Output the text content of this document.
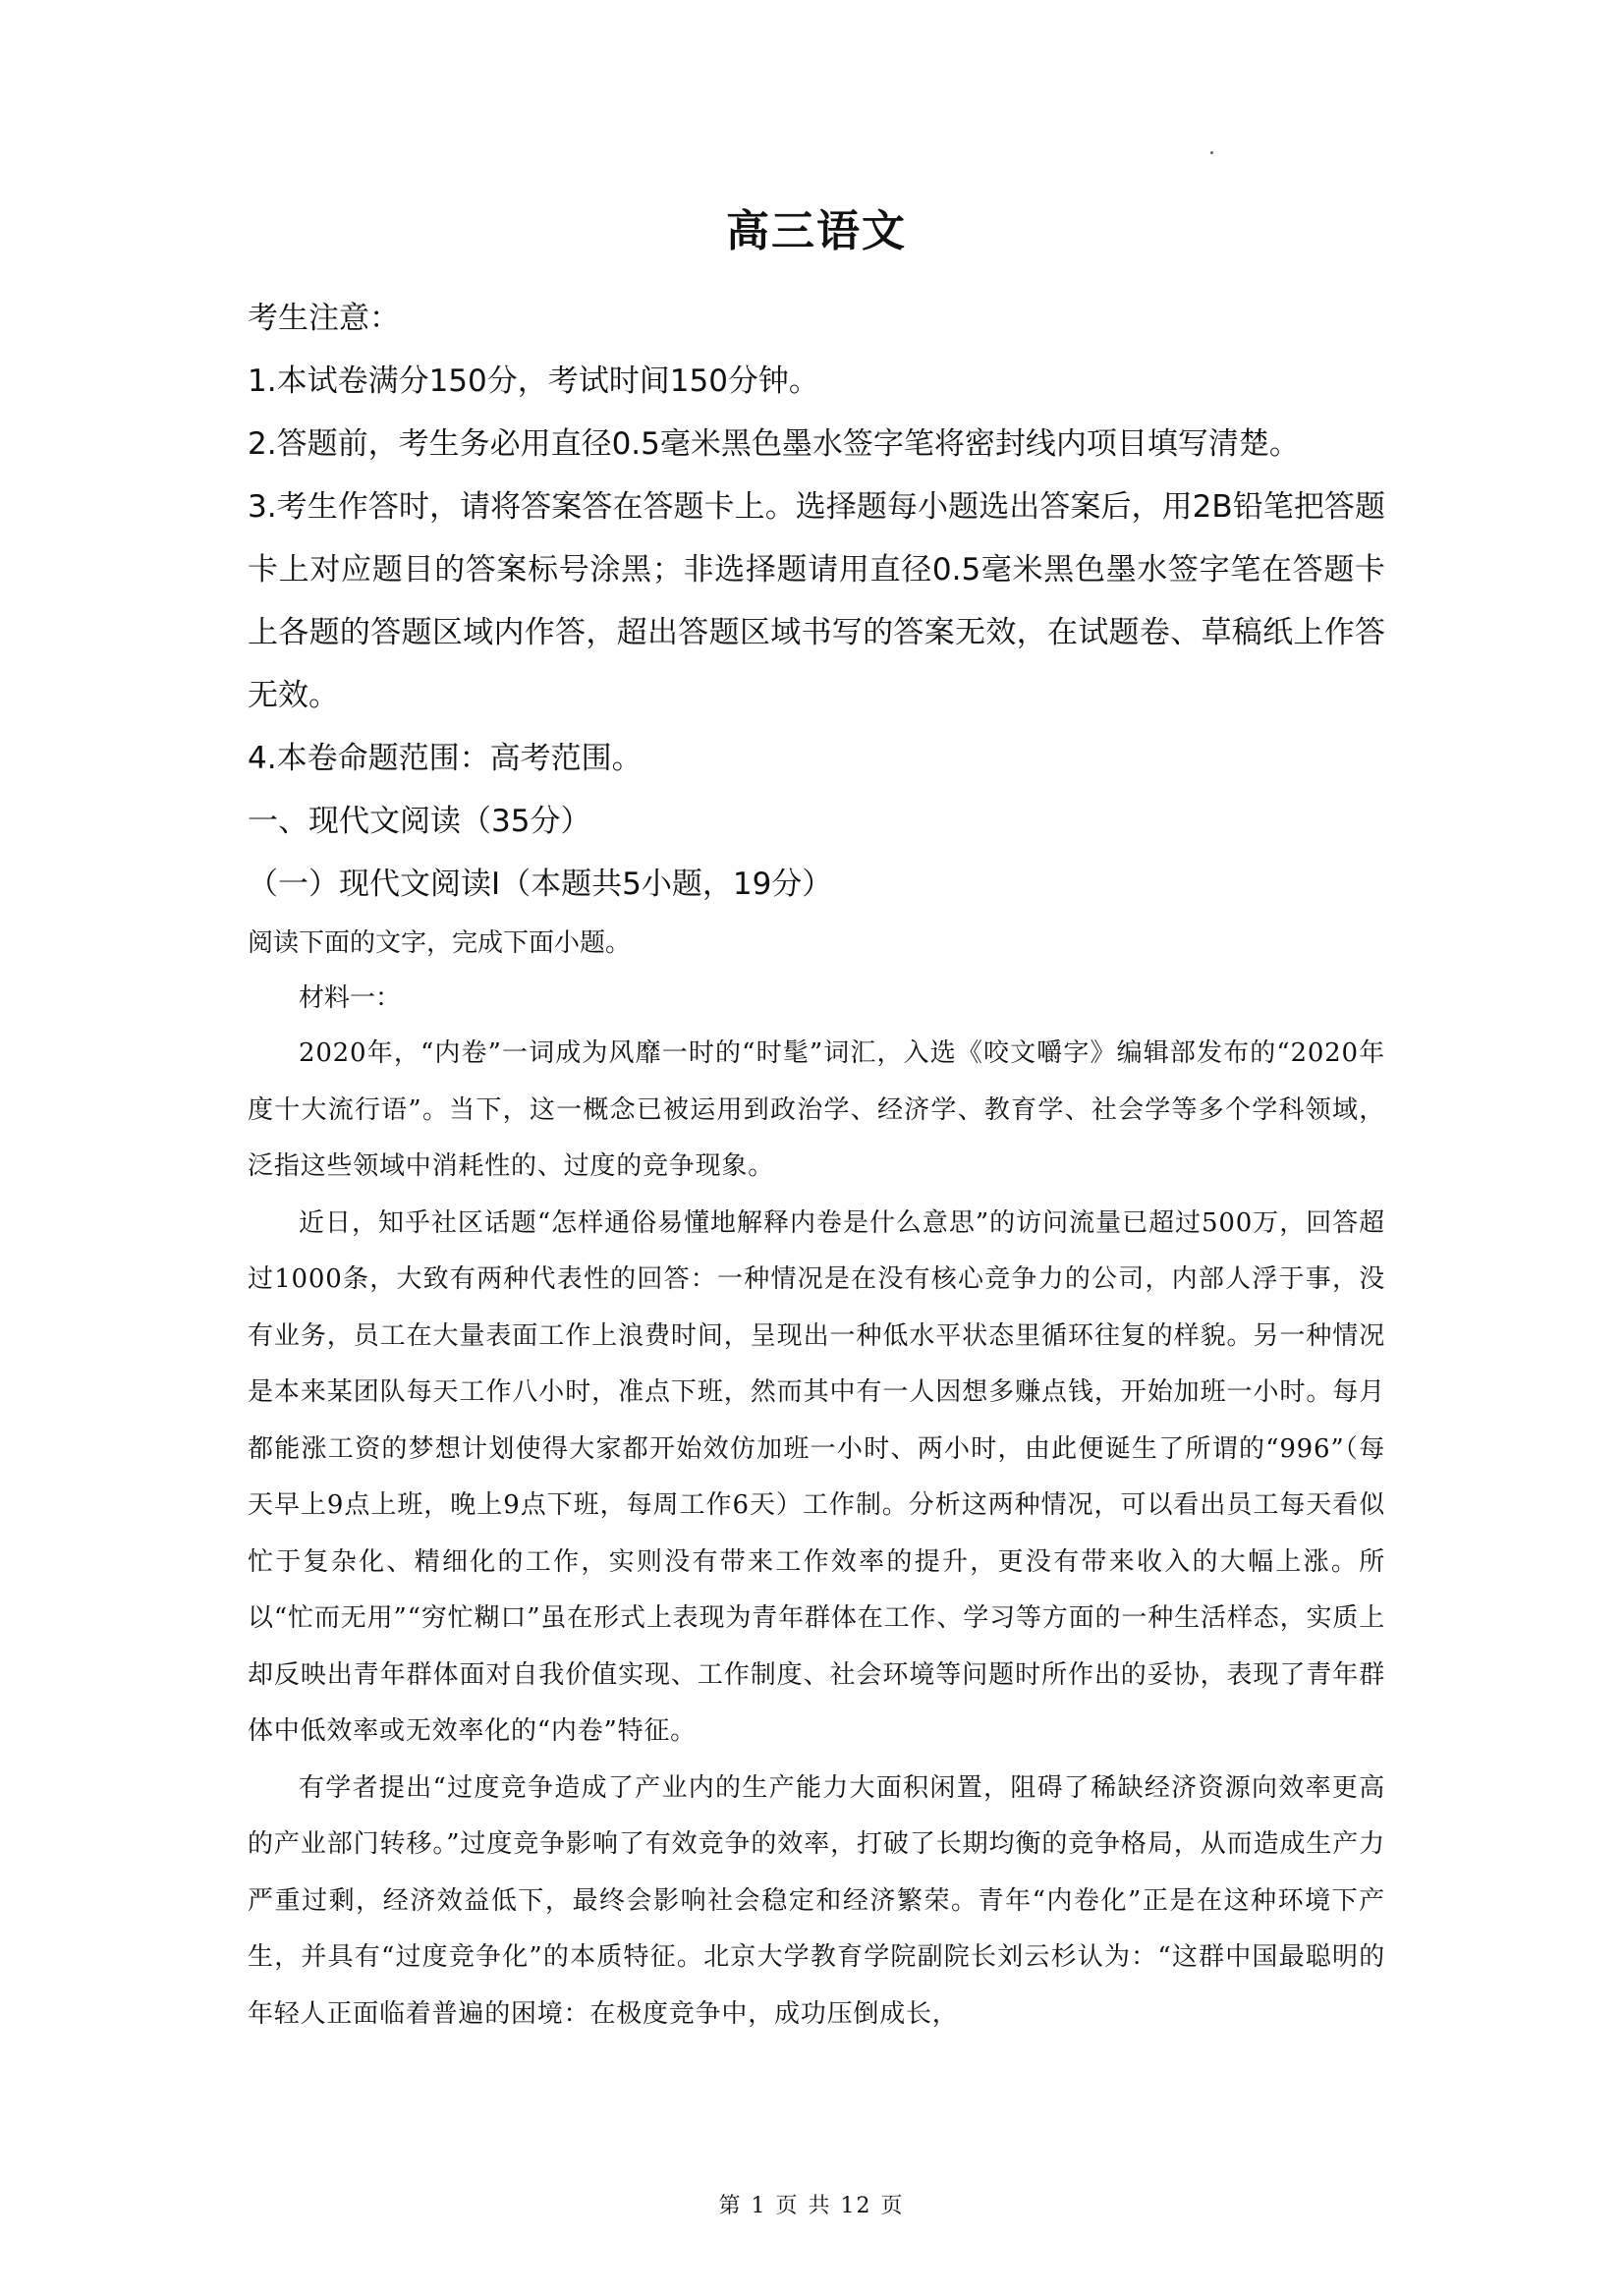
高三语文

考生注意：

1.本试卷满分150分，考试时间150分钟。

2.答题前，考生务必用直径0.5毫米黑色墨水签字笔将密封线内项目填写清楚。

3.考生作答时，请将答案答在答题卡上。选择题每小题选出答案后，用2B铅笔把答题卡上对应题目的答案标号涂黑；非选择题请用直径0.5毫米黑色墨水签字笔在答题卡上各题的答题区域内作答，超出答题区域书写的答案无效，在试题卷、草稿纸上作答无效。

4.本卷命题范围：高考范围。

一、现代文阅读（35分）

（一）现代文阅读Ⅰ（本题共5小题，19分）

阅读下面的文字，完成下面小题。

材料一：

2020年，“内卷”一词成为风靡一时的“时髦”词汇，入选《咬文嚼字》编辑部发布的“2020年度十大流行语”。当下，这一概念已被运用到政治学、经济学、教育学、社会学等多个学科领域，泛指这些领域中消耗性的、过度的竞争现象。

近日，知乎社区话题“怎样通俗易懂地解释内卷是什么意思”的访问流量已超过500万，回答超过1000条，大致有两种代表性的回答：一种情况是在没有核心竞争力的公司，内部人浮于事，没有业务，员工在大量表面工作上浪费时间，呈现出一种低水平状态里循环往复的样貌。另一种情况是本来某团队每天工作八小时，准点下班，然而其中有一人因想多赚点钱，开始加班一小时。每月都能涨工资的梦想计划使得大家都开始效仿加班一小时、两小时，由此便诞生了所谓的“996”（每天早上9点上班，晚上9点下班，每周工作6天）工作制。分析这两种情况，可以看出员工每天看似忙于复杂化、精细化的工作，实则没有带来工作效率的提升，更没有带来收入的大幅上涨。所以“忙而无用”“穷忙糊口”虽在形式上表现为青年群体在工作、学习等方面的一种生活样态，实质上却反映出青年群体面对自我价值实现、工作制度、社会环境等问题时所作出的妥协，表现了青年群体中低效率或无效率化的“内卷”特征。

有学者提出“过度竞争造成了产业内的生产能力大面积闲置，阻碍了稀缺经济资源向效率更高的产业部门转移。”过度竞争影响了有效竞争的效率，打破了长期均衡的竞争格局，从而造成生产力严重过剩，经济效益低下，最终会影响社会稳定和经济繁荣。青年“内卷化”正是在这种环境下产生，并具有“过度竞争化”的本质特征。北京大学教育学院副院长刘云杉认为：“这群中国最聪明的年轻人正面临着普遍的困境：在极度竞争中，成功压倒成长，

第 1 页 共 12 页
